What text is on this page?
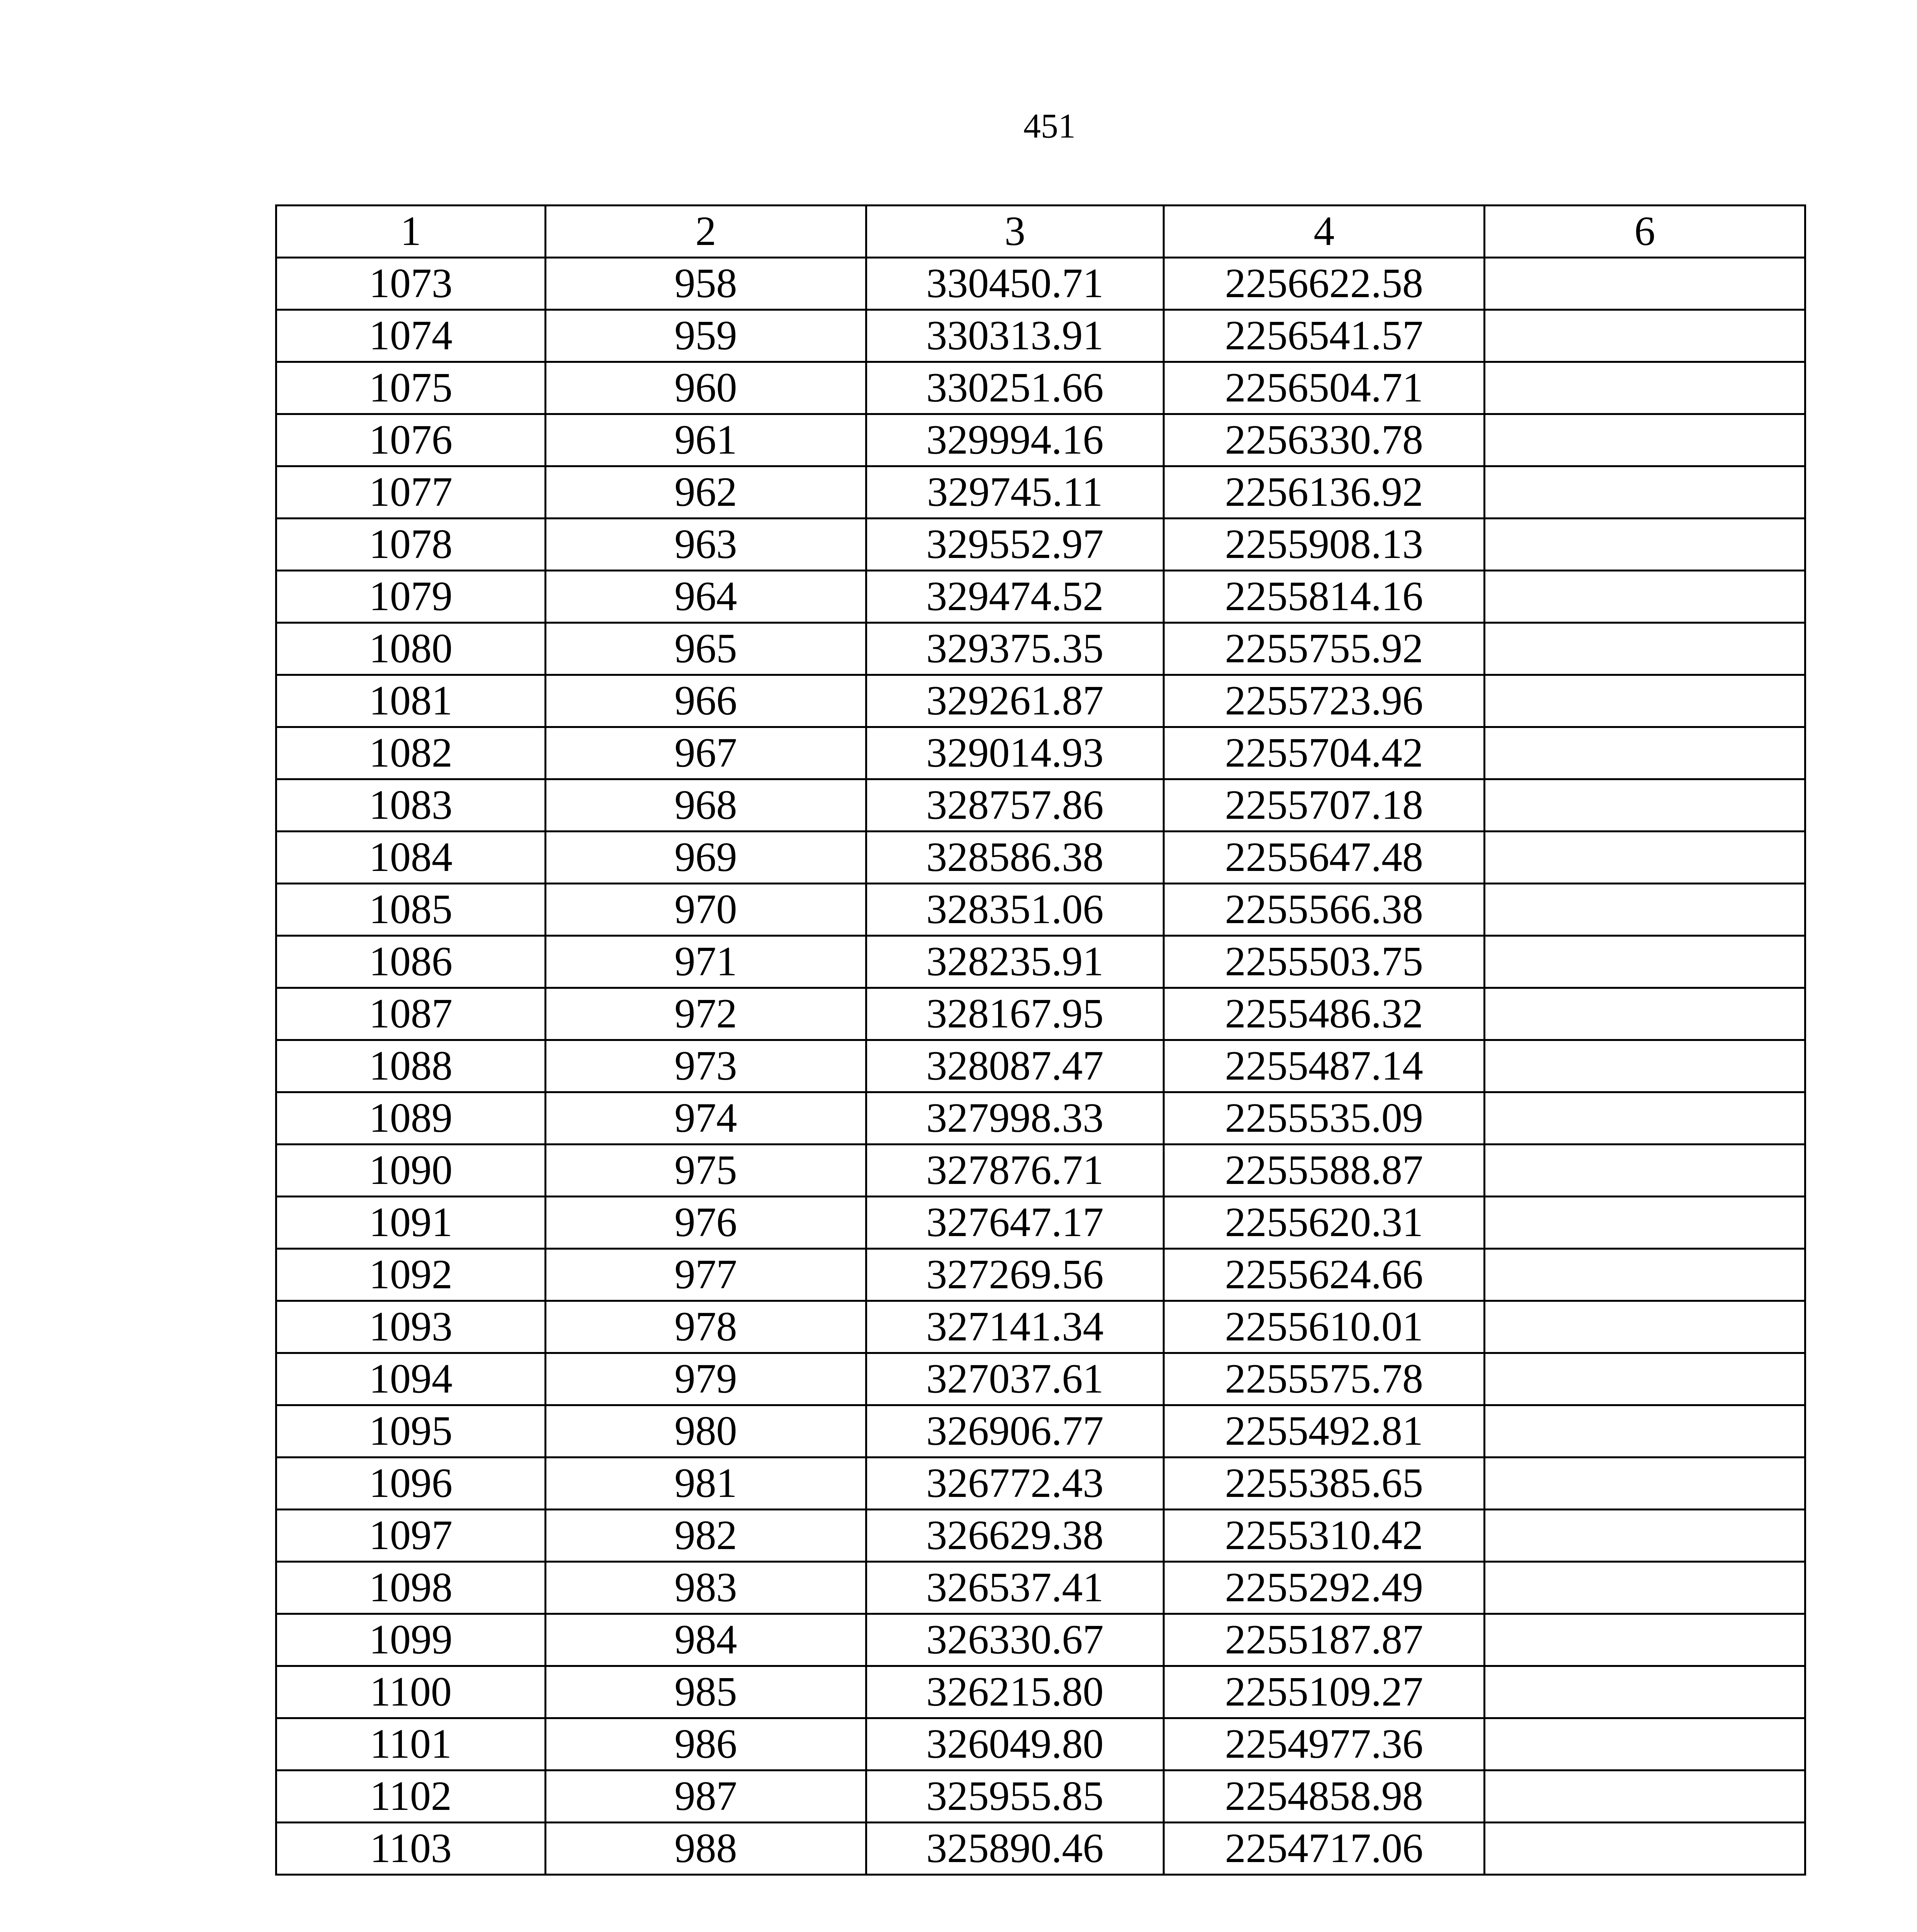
451
1	2	3	4	6
1073	958	330450.71	2256622.58	
1074	959	330313.91	2256541.57	
1075	960	330251.66	2256504.71	
1076	961	329994.16	2256330.78	
1077	962	329745.11	2256136.92	
1078	963	329552.97	2255908.13	
1079	964	329474.52	2255814.16	
1080	965	329375.35	2255755.92	
1081	966	329261.87	2255723.96	
1082	967	329014.93	2255704.42	
1083	968	328757.86	2255707.18	
1084	969	328586.38	2255647.48	
1085	970	328351.06	2255566.38	
1086	971	328235.91	2255503.75	
1087	972	328167.95	2255486.32	
1088	973	328087.47	2255487.14	
1089	974	327998.33	2255535.09	
1090	975	327876.71	2255588.87	
1091	976	327647.17	2255620.31	
1092	977	327269.56	2255624.66	
1093	978	327141.34	2255610.01	
1094	979	327037.61	2255575.78	
1095	980	326906.77	2255492.81	
1096	981	326772.43	2255385.65	
1097	982	326629.38	2255310.42	
1098	983	326537.41	2255292.49	
1099	984	326330.67	2255187.87	
1100	985	326215.80	2255109.27	
1101	986	326049.80	2254977.36	
1102	987	325955.85	2254858.98	
1103	988	325890.46	2254717.06	
